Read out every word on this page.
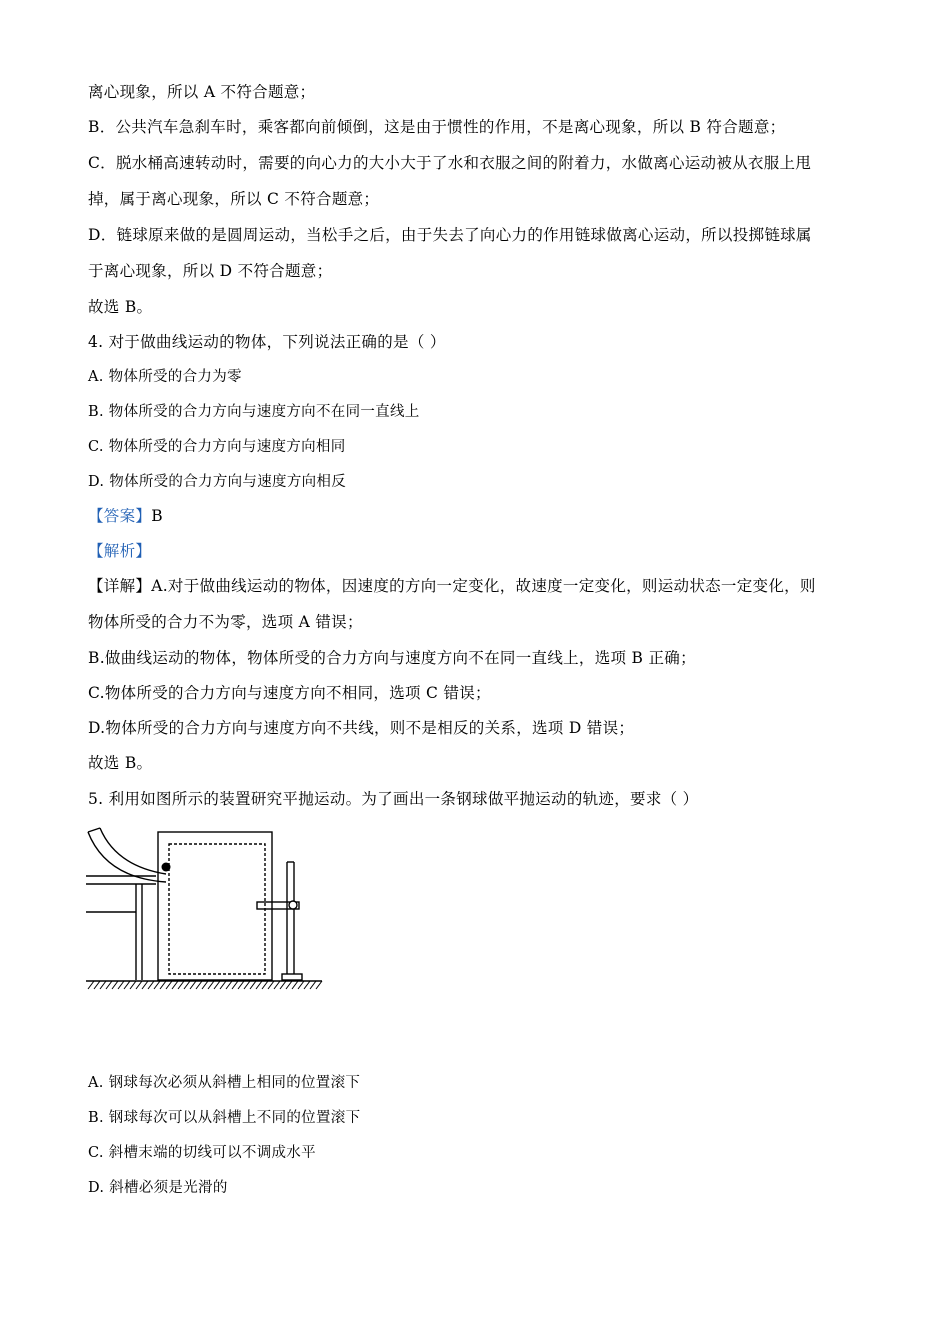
离心现象，所以 A 不符合题意；
B．公共汽车急刹车时，乘客都向前倾倒，这是由于惯性的作用，不是离心现象，所以 B 符合题意；
C．脱水桶高速转动时，需要的向心力的大小大于了水和衣服之间的附着力，水做离心运动被从衣服上甩
掉，属于离心现象，所以 C 不符合题意；
D．链球原来做的是圆周运动，当松手之后，由于失去了向心力的作用链球做离心运动，所以投掷链球属
于离心现象，所以 D 不符合题意；
故选 B。
4. 对于做曲线运动的物体，下列说法正确的是（ ）
A. 物体所受的合力为零
B. 物体所受的合力方向与速度方向不在同一直线上
C. 物体所受的合力方向与速度方向相同
D. 物体所受的合力方向与速度方向相反
【答案】B
【解析】
【详解】A.对于做曲线运动的物体，因速度的方向一定变化，故速度一定变化，则运动状态一定变化，则
物体所受的合力不为零，选项 A 错误；
B.做曲线运动的物体，物体所受的合力方向与速度方向不在同一直线上，选项 B 正确；
C.物体所受的合力方向与速度方向不相同，选项 C 错误；
D.物体所受的合力方向与速度方向不共线，则不是相反的关系，选项 D 错误；
故选 B。
5. 利用如图所示的装置研究平抛运动。为了画出一条钢球做平抛运动的轨迹，要求（ ）
A. 钢球每次必须从斜槽上相同的位置滚下
B. 钢球每次可以从斜槽上不同的位置滚下
C. 斜槽末端的切线可以不调成水平
D. 斜槽必须是光滑的
